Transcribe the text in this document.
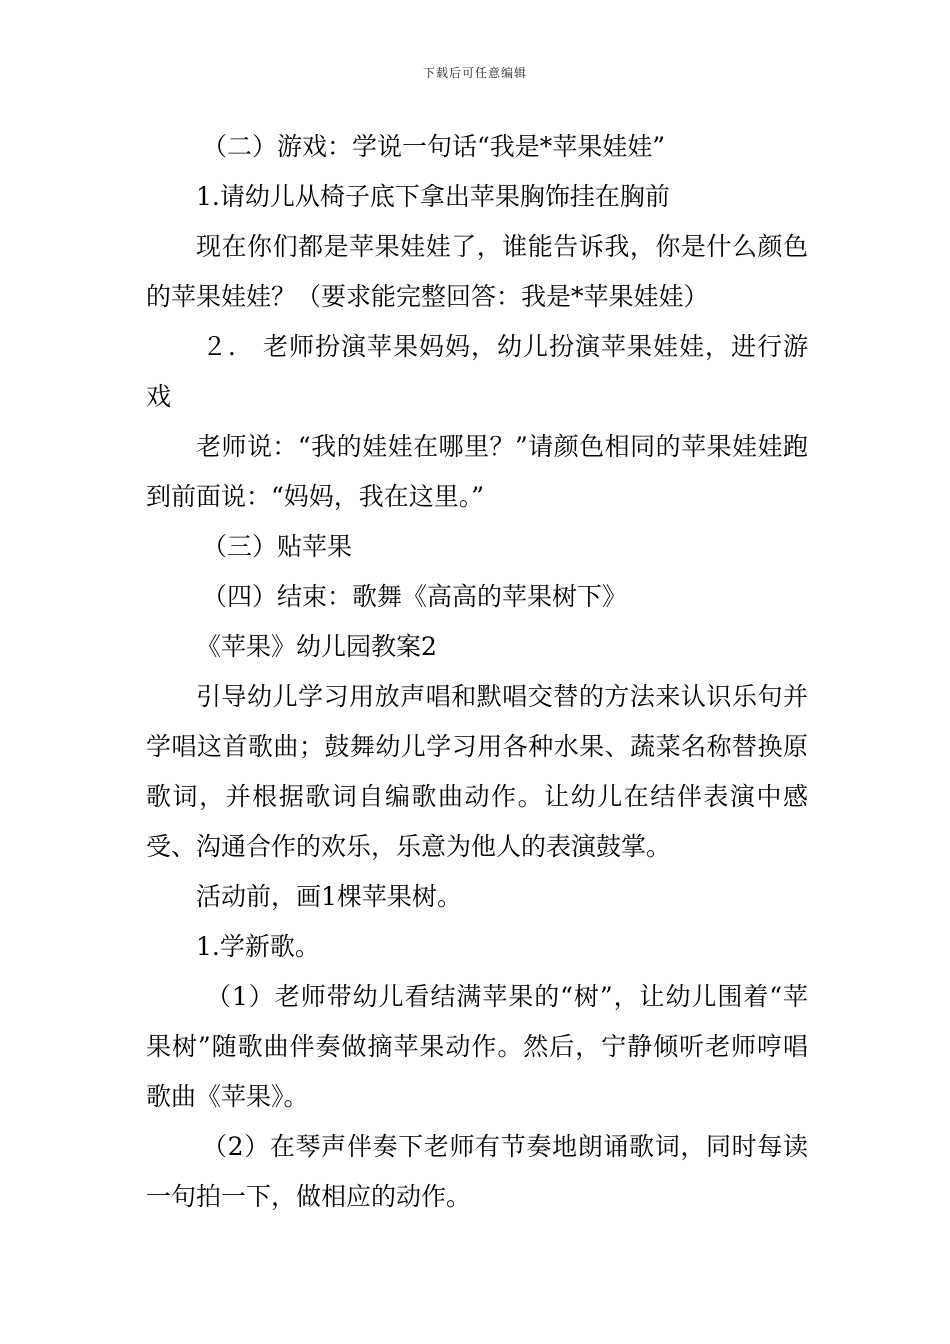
下载后可任意编辑

（二）游戏：学说一句话“我是*苹果娃娃”

1.请幼儿从椅子底下拿出苹果胸饰挂在胸前

现在你们都是苹果娃娃了，谁能告诉我，你是什么颜色的苹果娃娃？（要求能完整回答：我是*苹果娃娃）

２． 老师扮演苹果妈妈，幼儿扮演苹果娃娃，进行游戏

老师说：“我的娃娃在哪里？”请颜色相同的苹果娃娃跑到前面说：“妈妈，我在这里。”

（三）贴苹果

（四）结束：歌舞《高高的苹果树下》

《苹果》幼儿园教案2

引导幼儿学习用放声唱和默唱交替的方法来认识乐句并学唱这首歌曲；鼓舞幼儿学习用各种水果、蔬菜名称替换原歌词，并根据歌词自编歌曲动作。让幼儿在结伴表演中感受、沟通合作的欢乐，乐意为他人的表演鼓掌。

活动前，画1棵苹果树。

1.学新歌。

（1）老师带幼儿看结满苹果的“树”，让幼儿围着“苹果树”随歌曲伴奏做摘苹果动作。然后，宁静倾听老师哼唱歌曲《苹果》。

（2）在琴声伴奏下老师有节奏地朗诵歌词，同时每读一句拍一下，做相应的动作。
